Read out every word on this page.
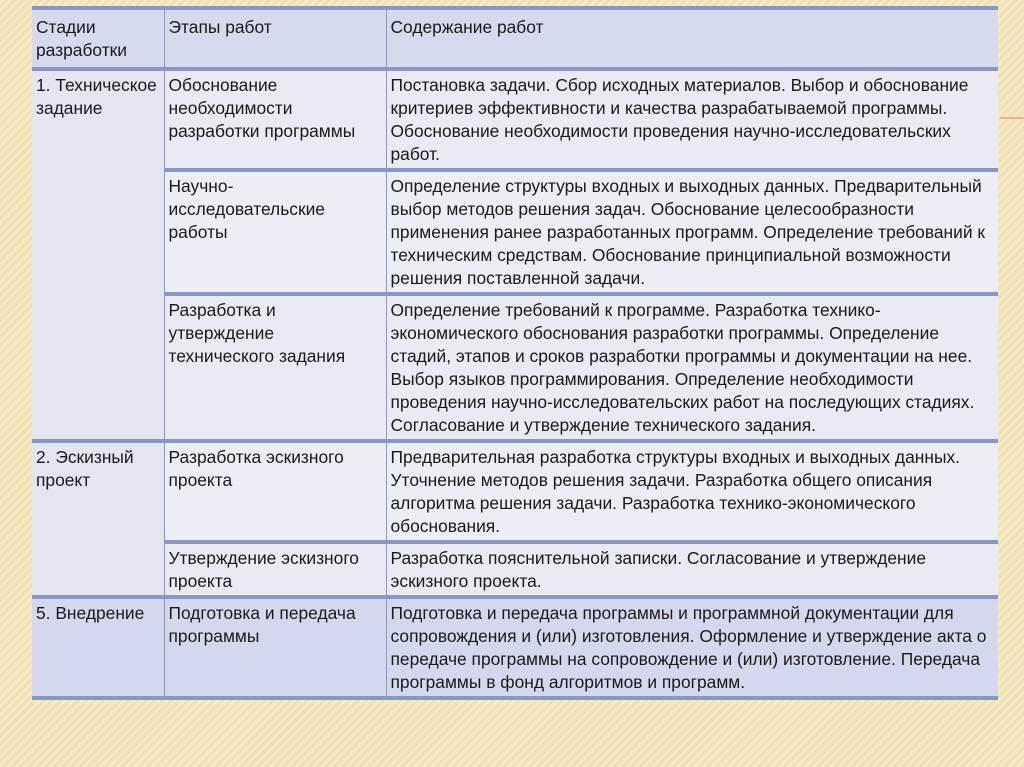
Стадии разработки	Этапы работ	Содержание работ
1. Техническое задание	Обоснование необходимости разработки программы	Постановка задачи. Сбор исходных материалов. Выбор и обоснование критериев эффективности и качества разрабатываемой программы. Обоснование необходимости проведения научно-исследовательских работ.
	Научно-исследовательские работы	Определение структуры входных и выходных данных. Предварительный выбор методов решения задач. Обоснование целесообразности применения ранее разработанных программ. Определение требований к техническим средствам. Обоснование принципиальной возможности решения поставленной задачи.
	Разработка и утверждение технического задания	Определение требований к программе. Разработка технико-экономического обоснования разработки программы. Определение стадий, этапов и сроков разработки программы и документации на нее. Выбор языков программирования. Определение необходимости проведения научно-исследовательских работ на последующих стадиях. Согласование и утверждение технического задания.
2. Эскизный проект	Разработка эскизного проекта	Предварительная разработка структуры входных и выходных данных. Уточнение методов решения задачи. Разработка общего описания алгоритма решения задачи. Разработка технико-экономического обоснования.
	Утверждение эскизного проекта	Разработка пояснительной записки. Согласование и утверждение эскизного проекта.
5. Внедрение	Подготовка и передача программы	Подготовка и передача программы и программной документации для сопровождения и (или) изготовления. Оформление и утверждение акта о передаче программы на сопровождение и (или) изготовление. Передача программы в фонд алгоритмов и программ.
